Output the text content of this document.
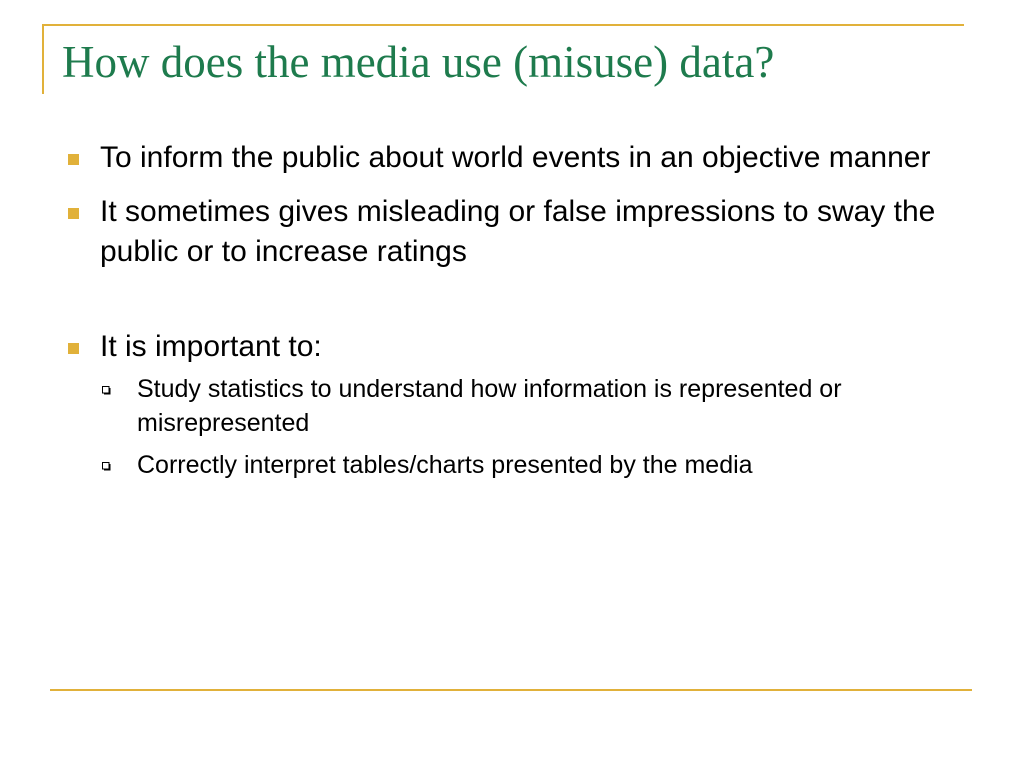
How does the media use (misuse) data?
To inform the public about world events in an objective manner
It sometimes gives misleading or false impressions to sway the public or to increase ratings
It is important to:
Study statistics to understand how information is represented or misrepresented
Correctly interpret tables/charts presented by the media
